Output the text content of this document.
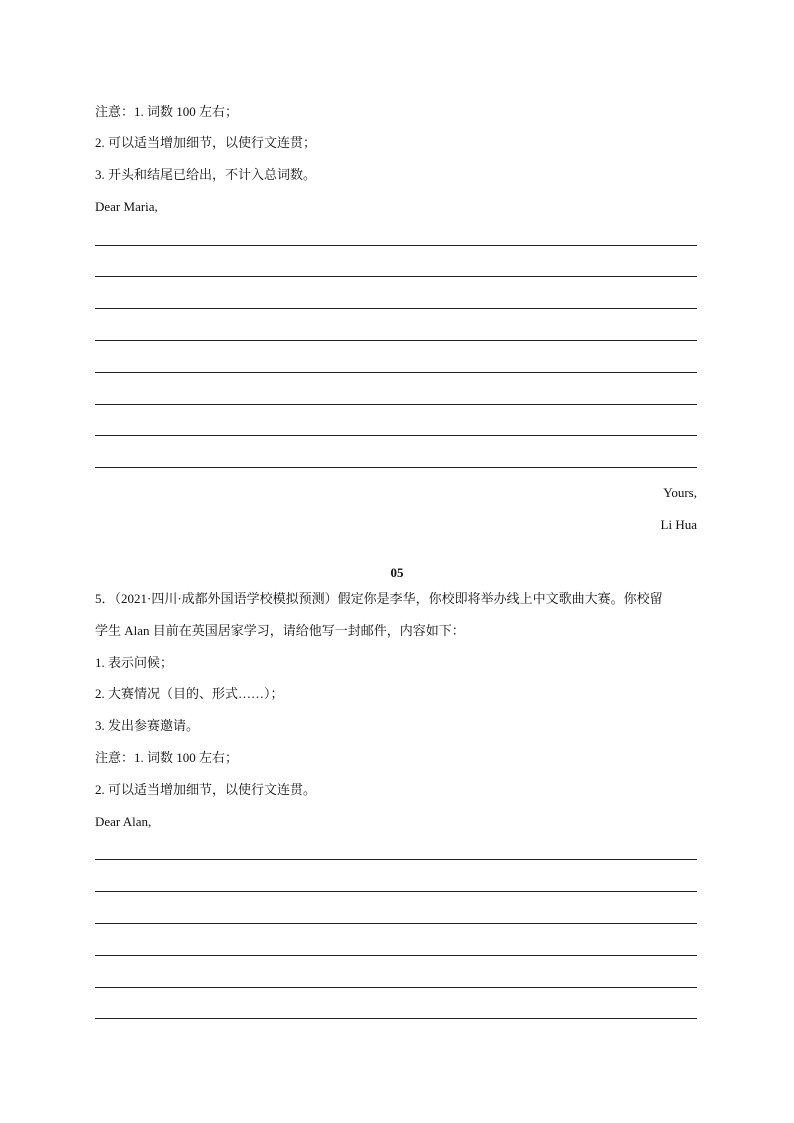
注意：1. 词数 100 左右；
2. 可以适当增加细节，以使行文连贯；
3. 开头和结尾已给出，不计入总词数。
Dear Maria,
Yours,
Li Hua
05
5．（2021·四川·成都外国语学校模拟预测）假定你是李华，你校即将举办线上中文歌曲大赛。你校留
学生 Alan 目前在英国居家学习，请给他写一封邮件，内容如下：
1. 表示问候；
2. 大赛情况（目的、形式……）；
3. 发出参赛邀请。
注意：1. 词数 100 左右；
2. 可以适当增加细节，以使行文连贯。
Dear Alan,
